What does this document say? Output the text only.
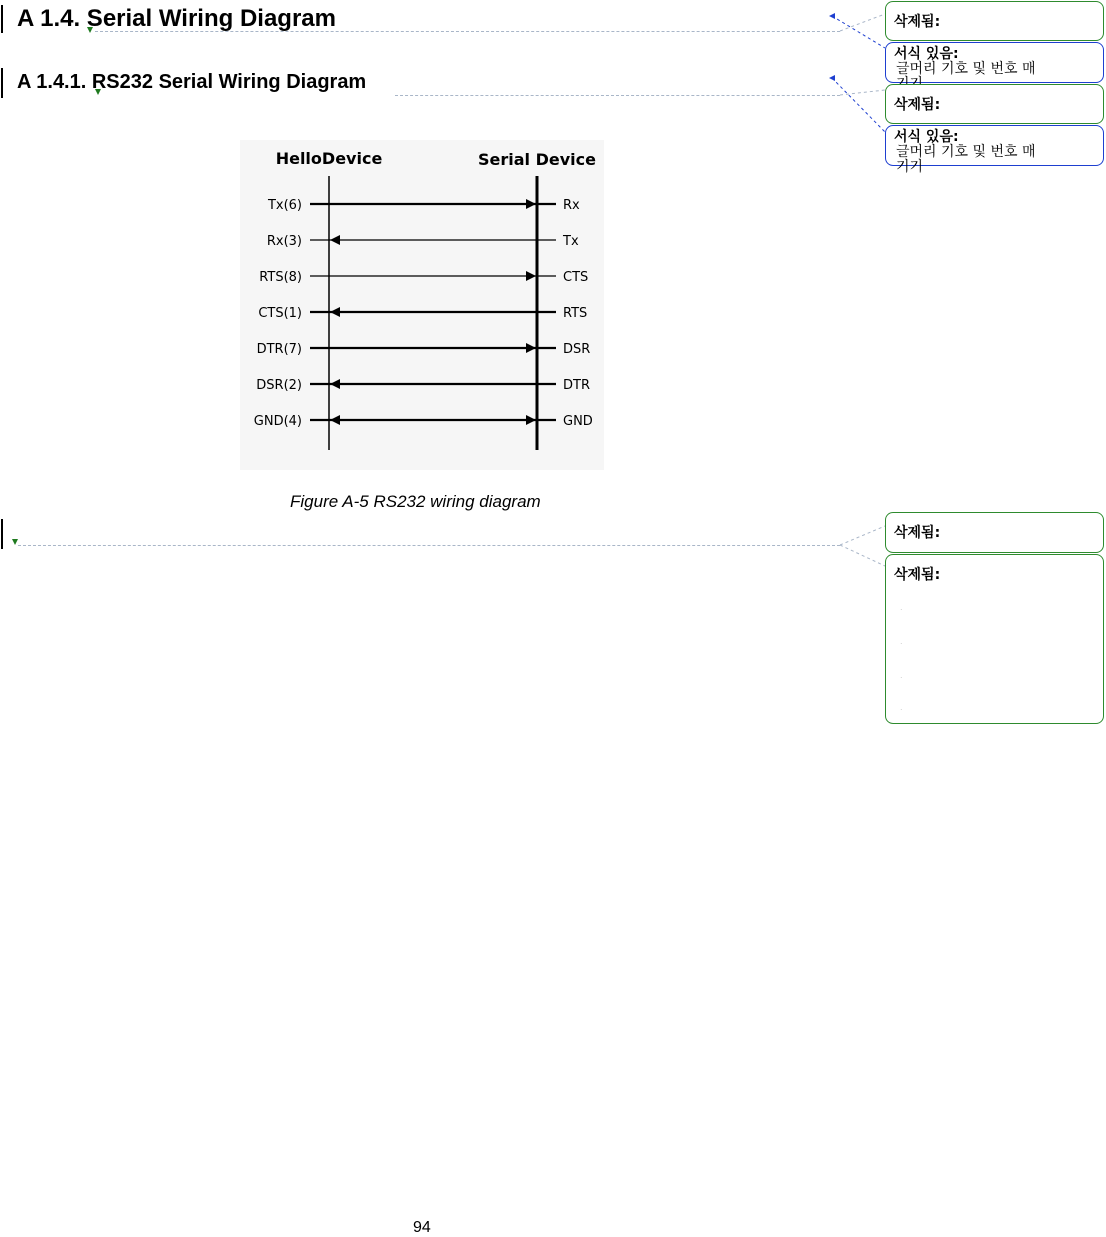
A 1.4. Serial Wiring Diagram
A 1.4.1. RS232 Serial Wiring Diagram
HelloDevice	Serial Device
Tx(6)	Rx
Rx(3)	Tx
RTS(8)	CTS
CTS(1)	RTS
DTR(7)	DSR
DSR(2)	DTR
GND(4)	GND
Figure A-5 RS232 wiring diagram
삭제됨:
서식 있음: 글머리 기호 및 번호 매
삭제됨:
서식 있음: 글머리 기호 및 번호 매기기
삭제됨:
삭제됨:
.
.
.
.
94
